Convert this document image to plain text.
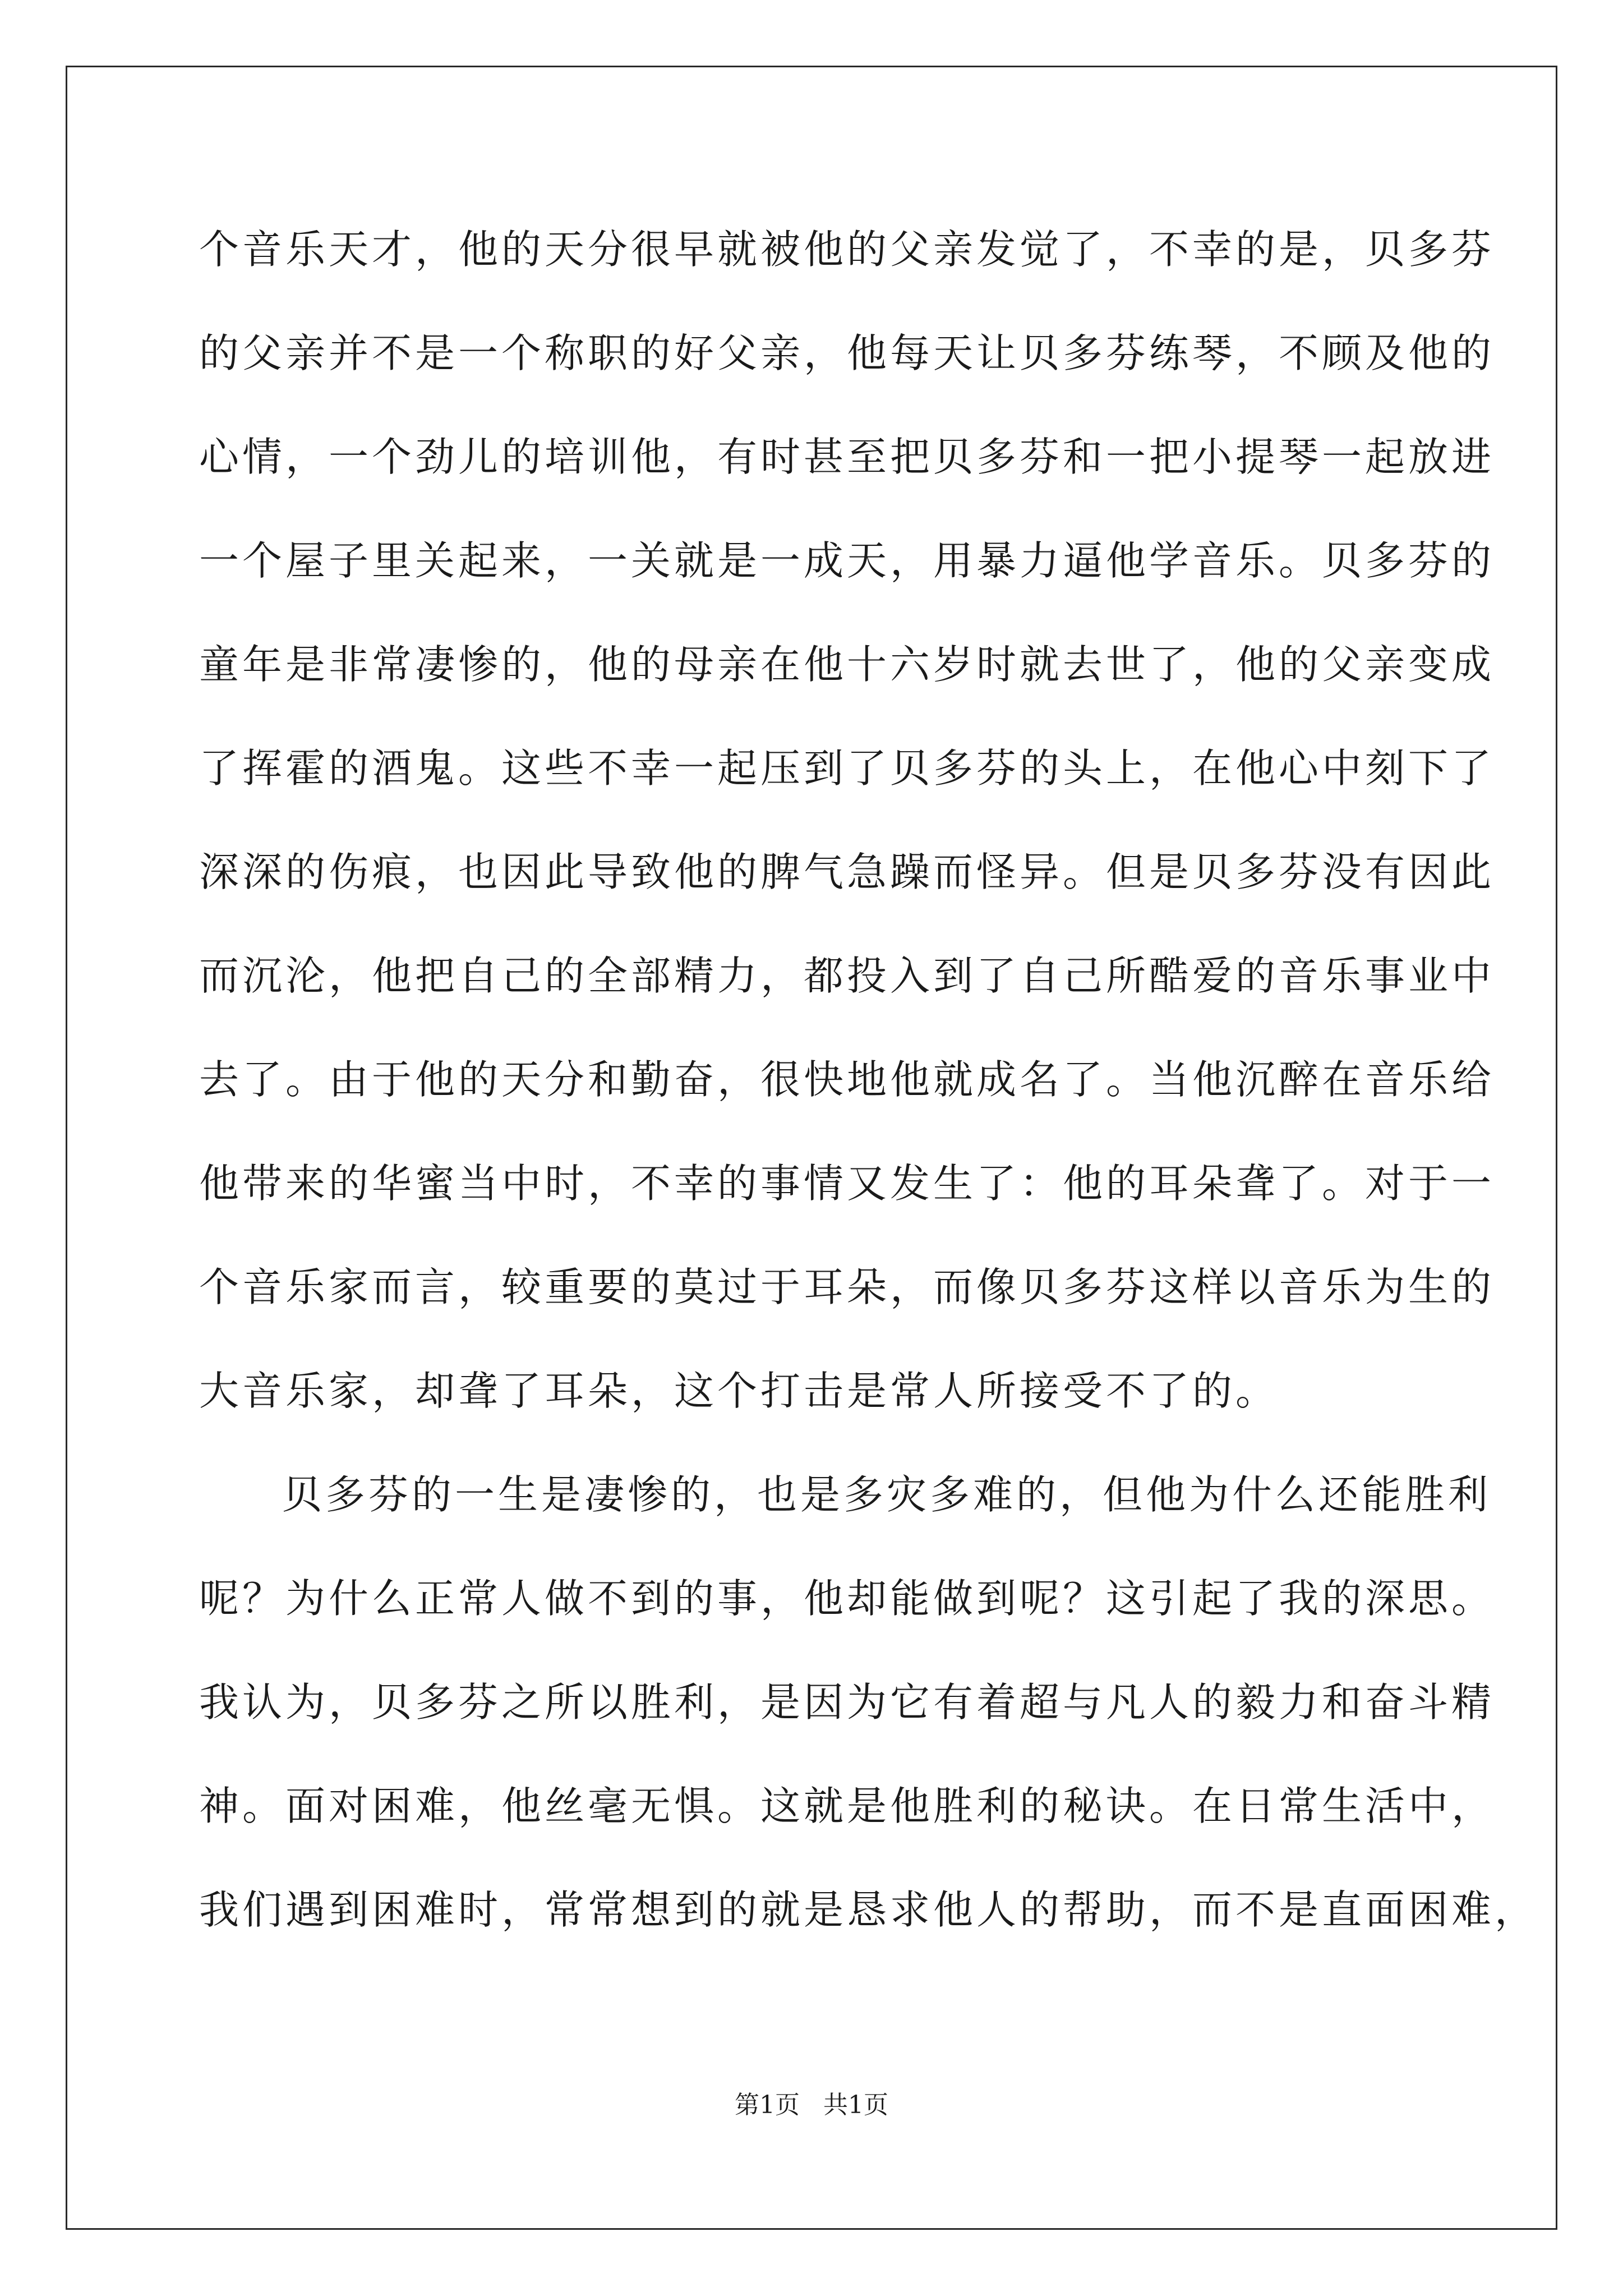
个音乐天才，他的天分很早就被他的父亲发觉了，不幸的是，贝多芬
的父亲并不是一个称职的好父亲，他每天让贝多芬练琴，不顾及他的
心情，一个劲儿的培训他，有时甚至把贝多芬和一把小提琴一起放进
一个屋子里关起来，一关就是一成天，用暴力逼他学音乐。贝多芬的
童年是非常凄惨的，他的母亲在他十六岁时就去世了，他的父亲变成
了挥霍的酒鬼。这些不幸一起压到了贝多芬的头上，在他心中刻下了
深深的伤痕，也因此导致他的脾气急躁而怪异。但是贝多芬没有因此
而沉沦，他把自己的全部精力，都投入到了自己所酷爱的音乐事业中
去了。由于他的天分和勤奋，很快地他就成名了。当他沉醉在音乐给
他带来的华蜜当中时，不幸的事情又发生了：他的耳朵聋了。对于一
个音乐家而言，较重要的莫过于耳朵，而像贝多芬这样以音乐为生的
大音乐家，却聋了耳朵，这个打击是常人所接受不了的。
贝多芬的一生是凄惨的，也是多灾多难的，但他为什么还能胜利
呢？为什么正常人做不到的事，他却能做到呢？这引起了我的深思。
我认为，贝多芬之所以胜利，是因为它有着超与凡人的毅力和奋斗精
神。面对困难，他丝毫无惧。这就是他胜利的秘诀。在日常生活中，
我们遇到困难时，常常想到的就是恳求他人的帮助，而不是直面困难，
第1页 共1页
